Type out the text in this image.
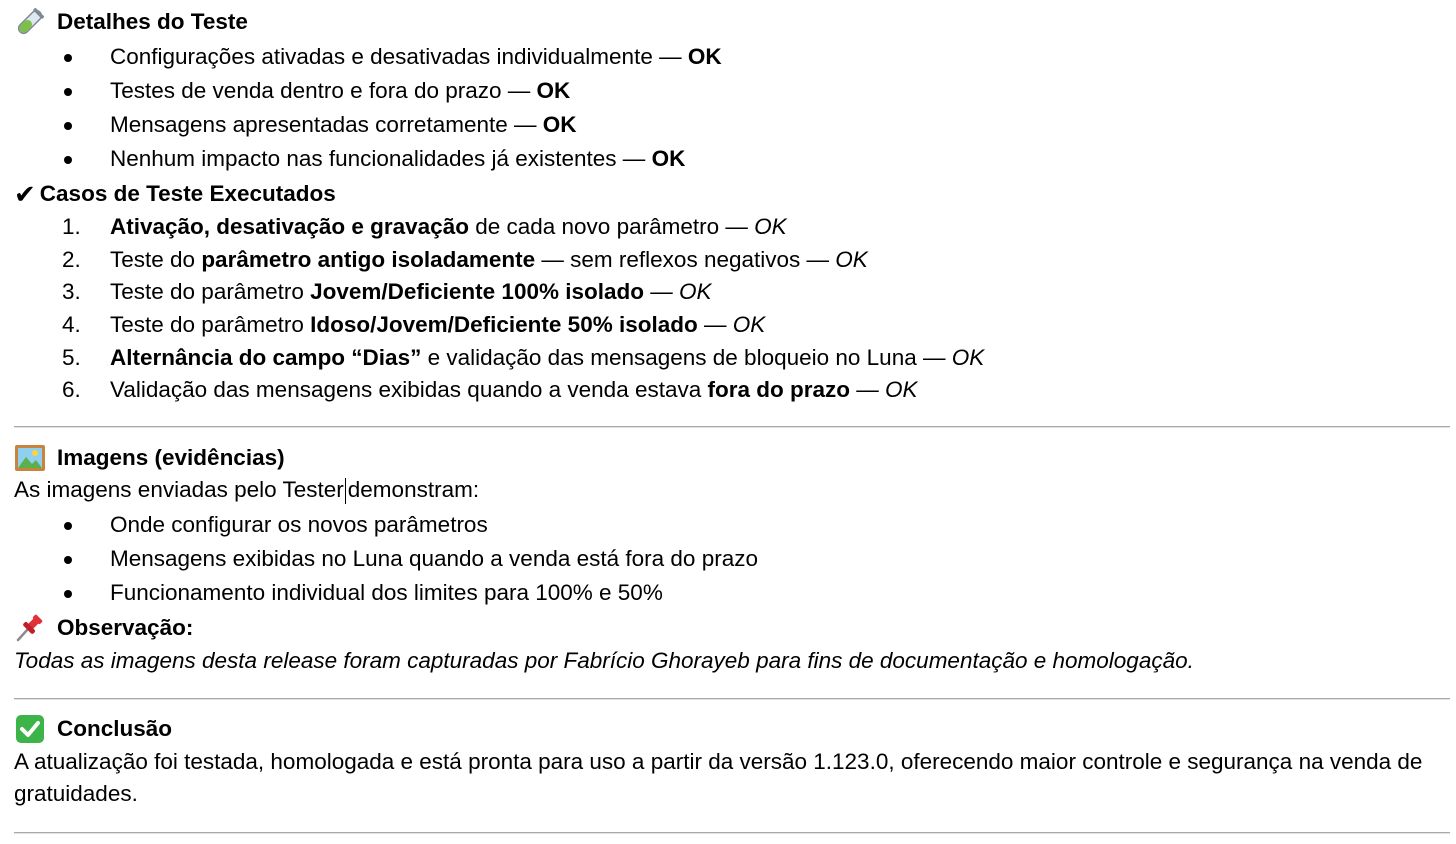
Detalhes do Teste
Configurações ativadas e desativadas individualmente — OK
Testes de venda dentro e fora do prazo — OK
Mensagens apresentadas corretamente — OK
Nenhum impacto nas funcionalidades já existentes — OK
✔ Casos de Teste Executados
1.	Ativação, desativação e gravação de cada novo parâmetro — OK
2.	Teste do parâmetro antigo isoladamente — sem reflexos negativos — OK
3.	Teste do parâmetro Jovem/Deficiente 100% isolado — OK
4.	Teste do parâmetro Idoso/Jovem/Deficiente 50% isolado — OK
5.	Alternância do campo “Dias” e validação das mensagens de bloqueio no Luna — OK
6.	Validação das mensagens exibidas quando a venda estava fora do prazo — OK
Imagens (evidências)
As imagens enviadas pelo Tester demonstram:
Onde configurar os novos parâmetros
Mensagens exibidas no Luna quando a venda está fora do prazo
Funcionamento individual dos limites para 100% e 50%
Observação:
Todas as imagens desta release foram capturadas por Fabrício Ghorayeb para fins de documentação e homologação.
Conclusão
A atualização foi testada, homologada e está pronta para uso a partir da versão 1.123.0, oferecendo maior controle e segurança na venda de gratuidades.
